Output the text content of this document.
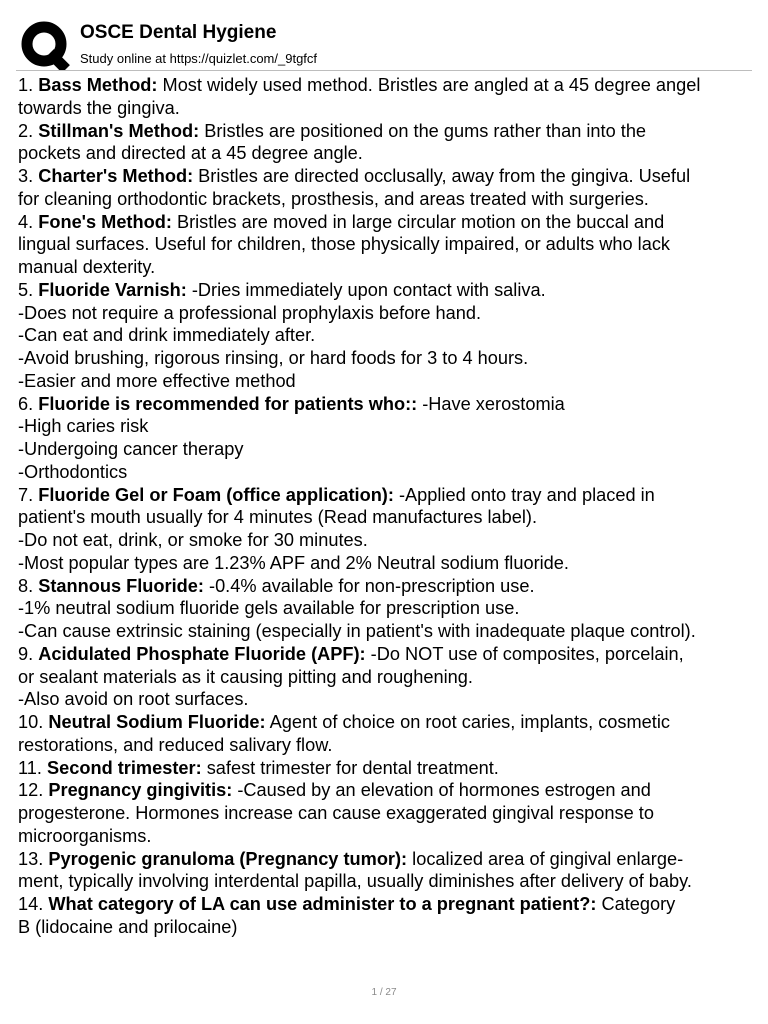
OSCE Dental Hygiene
Study online at https://quizlet.com/_9tgfcf
1. Bass Method: Most widely used method. Bristles are angled at a 45 degree angel
towards the gingiva.
2. Stillman's Method: Bristles are positioned on the gums rather than into the
pockets and directed at a 45 degree angle.
3. Charter's Method: Bristles are directed occlusally, away from the gingiva. Useful
for cleaning orthodontic brackets, prosthesis, and areas treated with surgeries.
4. Fone's Method: Bristles are moved in large circular motion on the buccal and
lingual surfaces. Useful for children, those physically impaired, or adults who lack
manual dexterity.
5. Fluoride Varnish: -Dries immediately upon contact with saliva.
-Does not require a professional prophylaxis before hand.
-Can eat and drink immediately after.
-Avoid brushing, rigorous rinsing, or hard foods for 3 to 4 hours.
-Easier and more effective method
6. Fluoride is recommended for patients who:: -Have xerostomia
-High caries risk
-Undergoing cancer therapy
-Orthodontics
7. Fluoride Gel or Foam (office application): -Applied onto tray and placed in
patient's mouth usually for 4 minutes (Read manufactures label).
-Do not eat, drink, or smoke for 30 minutes.
-Most popular types are 1.23% APF and 2% Neutral sodium fluoride.
8. Stannous Fluoride: -0.4% available for non-prescription use.
-1% neutral sodium fluoride gels available for prescription use.
-Can cause extrinsic staining (especially in patient's with inadequate plaque control).
9. Acidulated Phosphate Fluoride (APF): -Do NOT use of composites, porcelain,
or sealant materials as it causing pitting and roughening.
-Also avoid on root surfaces.
10. Neutral Sodium Fluoride: Agent of choice on root caries, implants, cosmetic
restorations, and reduced salivary flow.
11. Second trimester: safest trimester for dental treatment.
12. Pregnancy gingivitis: -Caused by an elevation of hormones estrogen and
progesterone. Hormones increase can cause exaggerated gingival response to
microorganisms.
13. Pyrogenic granuloma (Pregnancy tumor): localized area of gingival enlarge-
ment, typically involving interdental papilla, usually diminishes after delivery of baby.
14. What category of LA can use administer to a pregnant patient?: Category
B (lidocaine and prilocaine)
1 / 27
